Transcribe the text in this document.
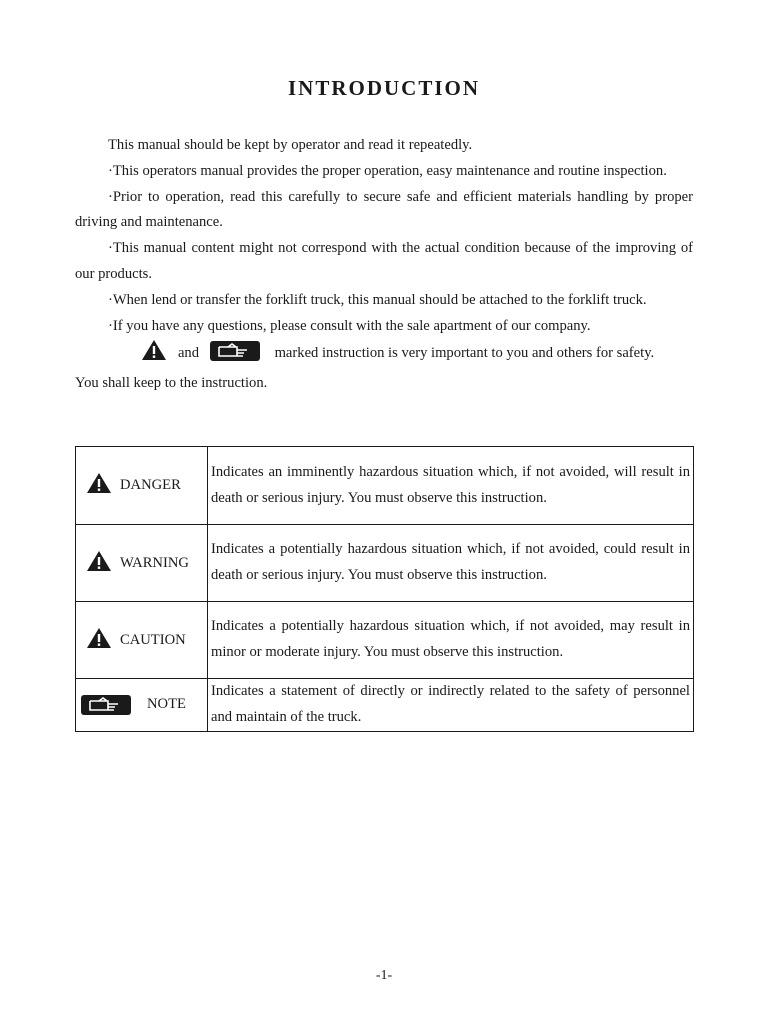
INTRODUCTION

This manual should be kept by operator and read it repeatedly.

·This operators manual provides the proper operation, easy maintenance and routine inspection.

·Prior to operation, read this carefully to secure safe and efficient materials handling by proper driving and maintenance.

·This manual content might not correspond with the actual condition because of the improving of our products.

·When lend or transfer the forklift truck, this manual should be attached to the forklift truck.

·If you have any questions, please consult with the sale apartment of our company.

and	marked instruction is very important to you and others for safety.

You shall keep to the instruction.

DANGER	Indicates an imminently hazardous situation which, if not avoided, will result in death or serious injury. You must observe this instruction.

WARNING	Indicates a potentially hazardous situation which, if not avoided, could result in death or serious injury. You must observe this instruction.

CAUTION	Indicates a potentially hazardous situation which, if not avoided, may result in minor or moderate injury. You must observe this instruction.

NOTE	Indicates a statement of directly or indirectly related to the safety of personnel and maintain of the truck.
-1-
